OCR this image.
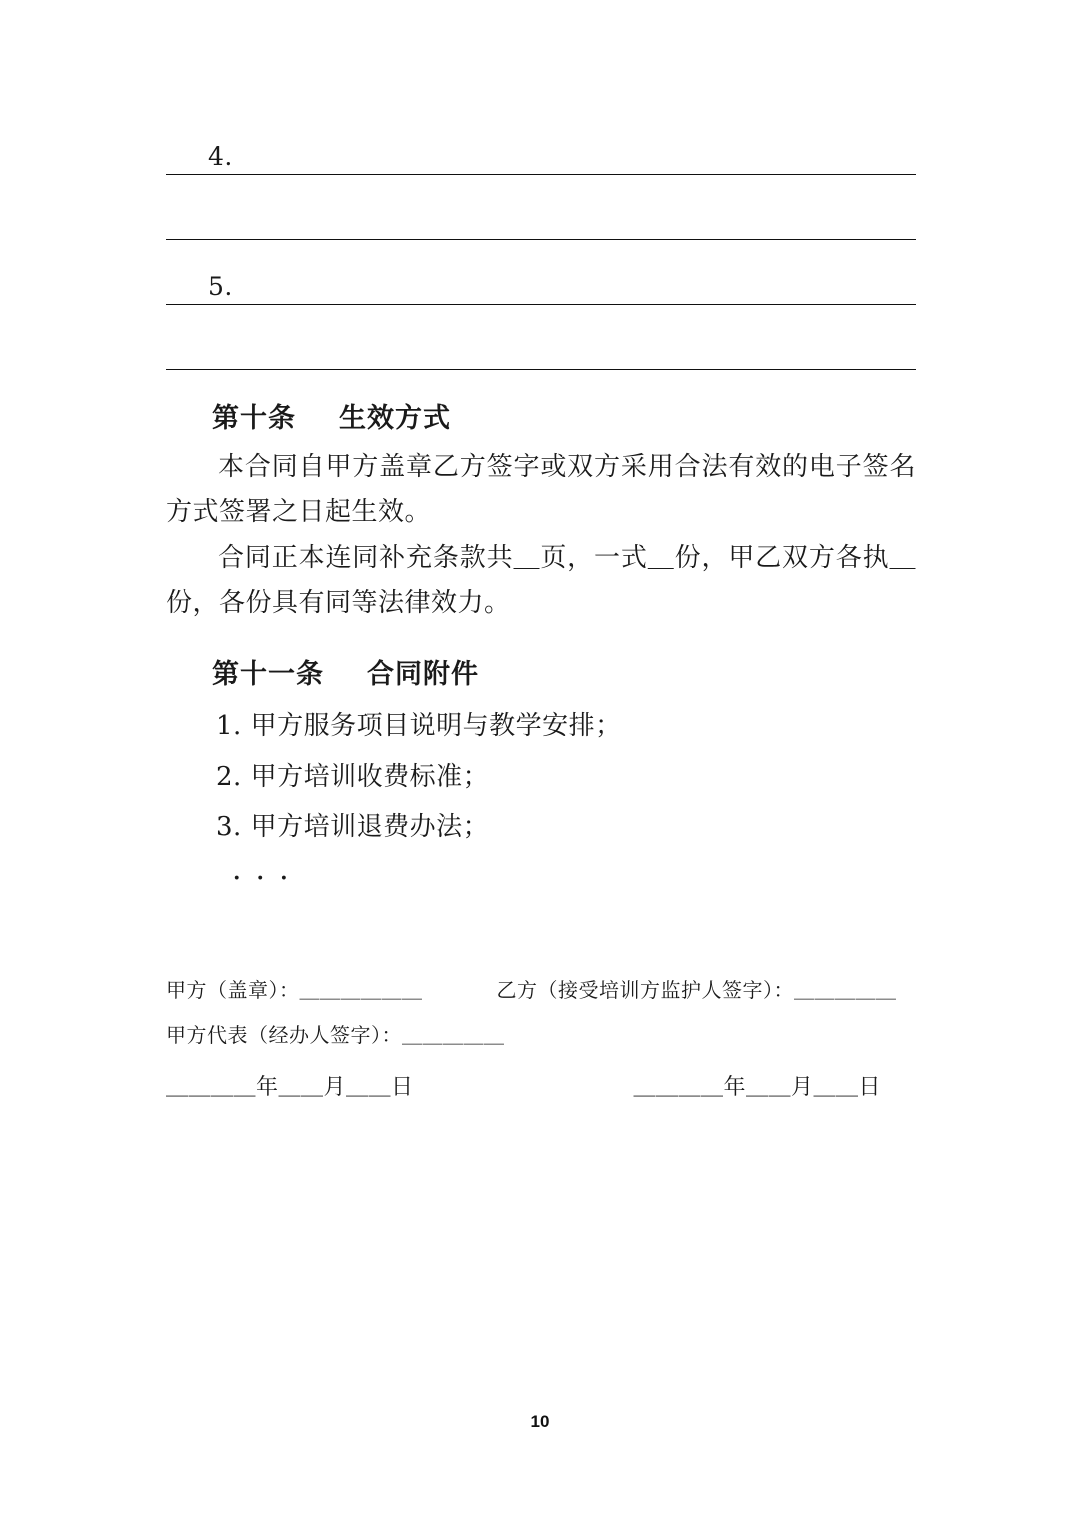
4.
5.
第十条 生效方式

本合同自甲方盖章乙方签字或双方采用合法有效的电子签名方式签署之日起生效。

合同正本连同补充条款共＿页，一式＿份，甲乙双方各执＿份，各份具有同等法律效力。

第十一条 合同附件
1. 甲方服务项目说明与教学安排；
2. 甲方培训收费标准；
3. 甲方培训退费办法；
···
甲方（盖章）：＿＿＿＿＿＿	乙方（接受培训方监护人签字）：＿＿＿＿＿
甲方代表（经办人签字）：＿＿＿＿＿
＿＿＿＿年＿＿月＿＿日	＿＿＿＿年＿＿月＿＿日
10
